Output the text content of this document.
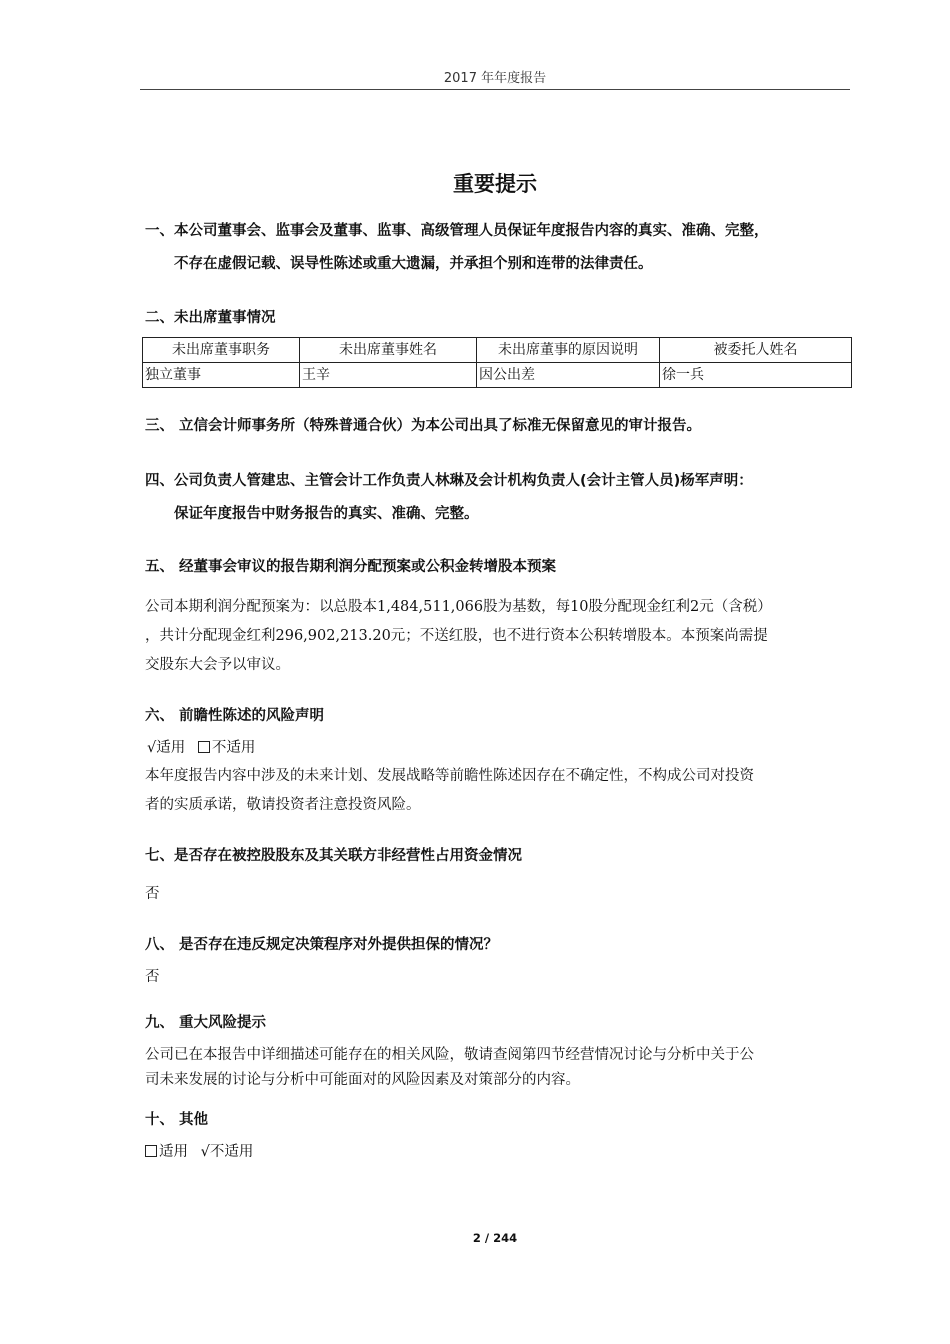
2017 年年度报告
重要提示
一、本公司董事会、监事会及董事、监事、高级管理人员保证年度报告内容的真实、准确、完整，
不存在虚假记载、误导性陈述或重大遗漏，并承担个别和连带的法律责任。
二、未出席董事情况
未出席董事职务	未出席董事姓名	未出席董事的原因说明	被委托人姓名
独立董事	王辛	因公出差	徐一兵
三、 立信会计师事务所（特殊普通合伙）为本公司出具了标准无保留意见的审计报告。
四、公司负责人管建忠、主管会计工作负责人林琳及会计机构负责人(会计主管人员)杨军声明：
保证年度报告中财务报告的真实、准确、完整。
五、 经董事会审议的报告期利润分配预案或公积金转增股本预案
公司本期利润分配预案为：以总股本1,484,511,066股为基数，每10股分配现金红利2元（含税）
，共计分配现金红利296,902,213.20元；不送红股，也不进行资本公积转增股本。本预案尚需提
交股东大会予以审议。
六、 前瞻性陈述的风险声明
√适用 不适用
本年度报告内容中涉及的未来计划、发展战略等前瞻性陈述因存在不确定性，不构成公司对投资
者的实质承诺，敬请投资者注意投资风险。
七、是否存在被控股股东及其关联方非经营性占用资金情况
否
八、 是否存在违反规定决策程序对外提供担保的情况？
否
九、 重大风险提示
公司已在本报告中详细描述可能存在的相关风险，敬请查阅第四节经营情况讨论与分析中关于公
司未来发展的讨论与分析中可能面对的风险因素及对策部分的内容。
十、 其他
适用 √不适用
2 / 244
